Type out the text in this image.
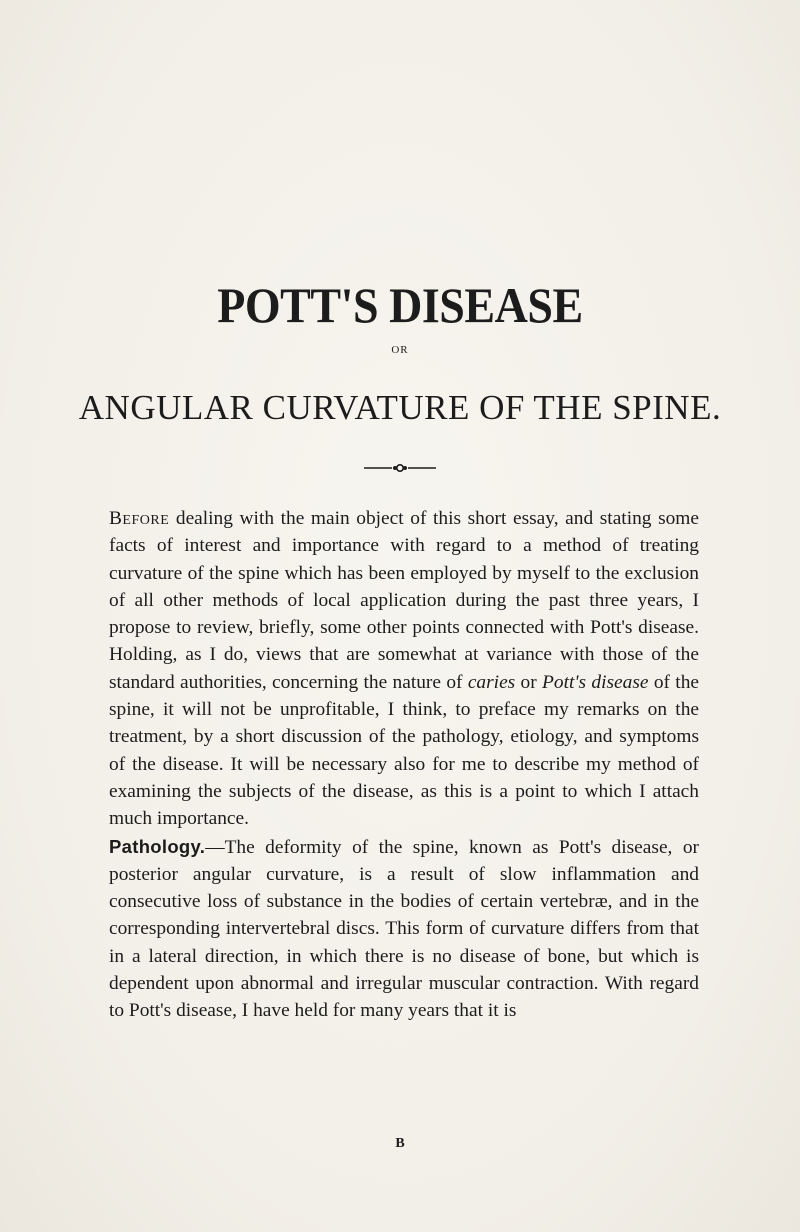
POTT'S DISEASE
OR
ANGULAR CURVATURE OF THE SPINE.

Before dealing with the main object of this short essay, and stating some facts of interest and importance with regard to a method of treating curvature of the spine which has been employed by myself to the exclusion of all other methods of local application during the past three years, I propose to review, briefly, some other points connected with Pott's disease. Holding, as I do, views that are somewhat at variance with those of the standard authorities, concerning the nature of caries or Pott's disease of the spine, it will not be unprofitable, I think, to preface my remarks on the treatment, by a short discussion of the pathology, etiology, and symptoms of the disease. It will be necessary also for me to describe my method of examining the subjects of the disease, as this is a point to which I attach much importance.

Pathology.—The deformity of the spine, known as Pott's disease, or posterior angular curvature, is a result of slow inflammation and consecutive loss of substance in the bodies of certain vertebræ, and in the corresponding intervertebral discs. This form of curvature differs from that in a lateral direction, in which there is no disease of bone, but which is dependent upon abnormal and irregular muscular contraction. With regard to Pott's disease, I have held for many years that it is

B
